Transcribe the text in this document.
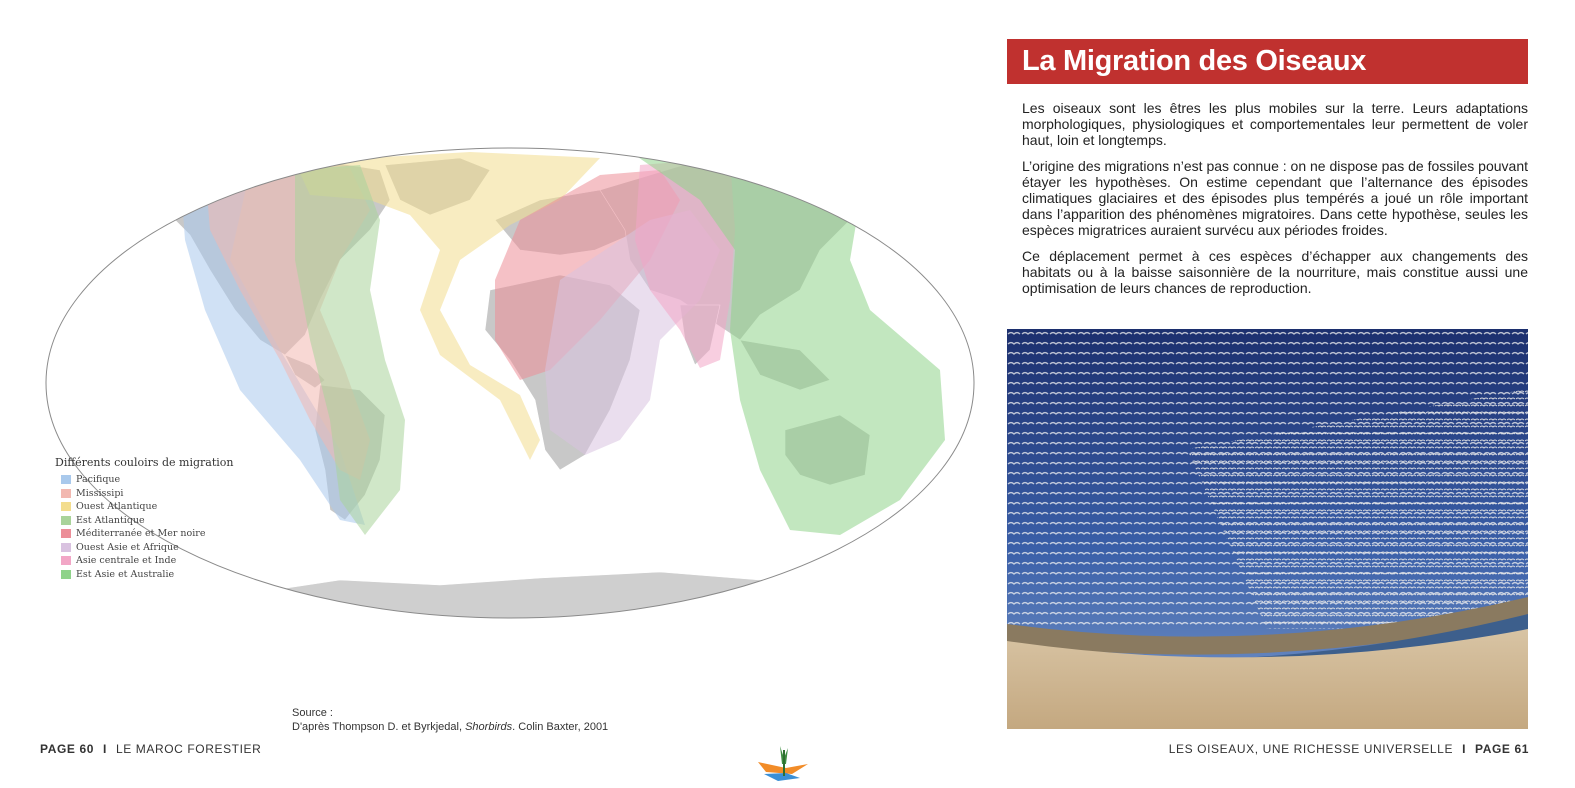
Différents couloirs de migration
Pacifique
Mississipi
Ouest Atlantique
Est Atlantique
Méditerranée et Mer noire
Ouest Asie et Afrique
Asie centrale et Inde
Est Asie et Australie
Source :
D'après Thompson D. et Byrkjedal, Shorbirds. Colin Baxter, 2001
PAGE 60 I LE MAROC FORESTIER
La Migration des Oiseaux

Les oiseaux sont les êtres les plus mobiles sur la terre. Leurs adaptations morphologiques, physiologiques et comportementales leur permettent de voler haut, loin et longtemps.

L’origine des migrations n’est pas connue : on ne dispose pas de fossiles pouvant étayer les hypothèses. On estime cependant que l’alternance des épisodes climatiques glaciaires et des épisodes plus tempérés a joué un rôle important dans l’apparition des phénomènes migratoires. Dans cette hypothèse, seules les espèces migratrices auraient survécu aux périodes froides.

Ce déplacement permet à ces espèces d’échapper aux changements des habitats ou à la baisse saisonnière de la nourriture, mais constitue aussi une optimisation de leurs chances de reproduction.

LES OISEAUX, UNE RICHESSE UNIVERSELLE I PAGE 61
